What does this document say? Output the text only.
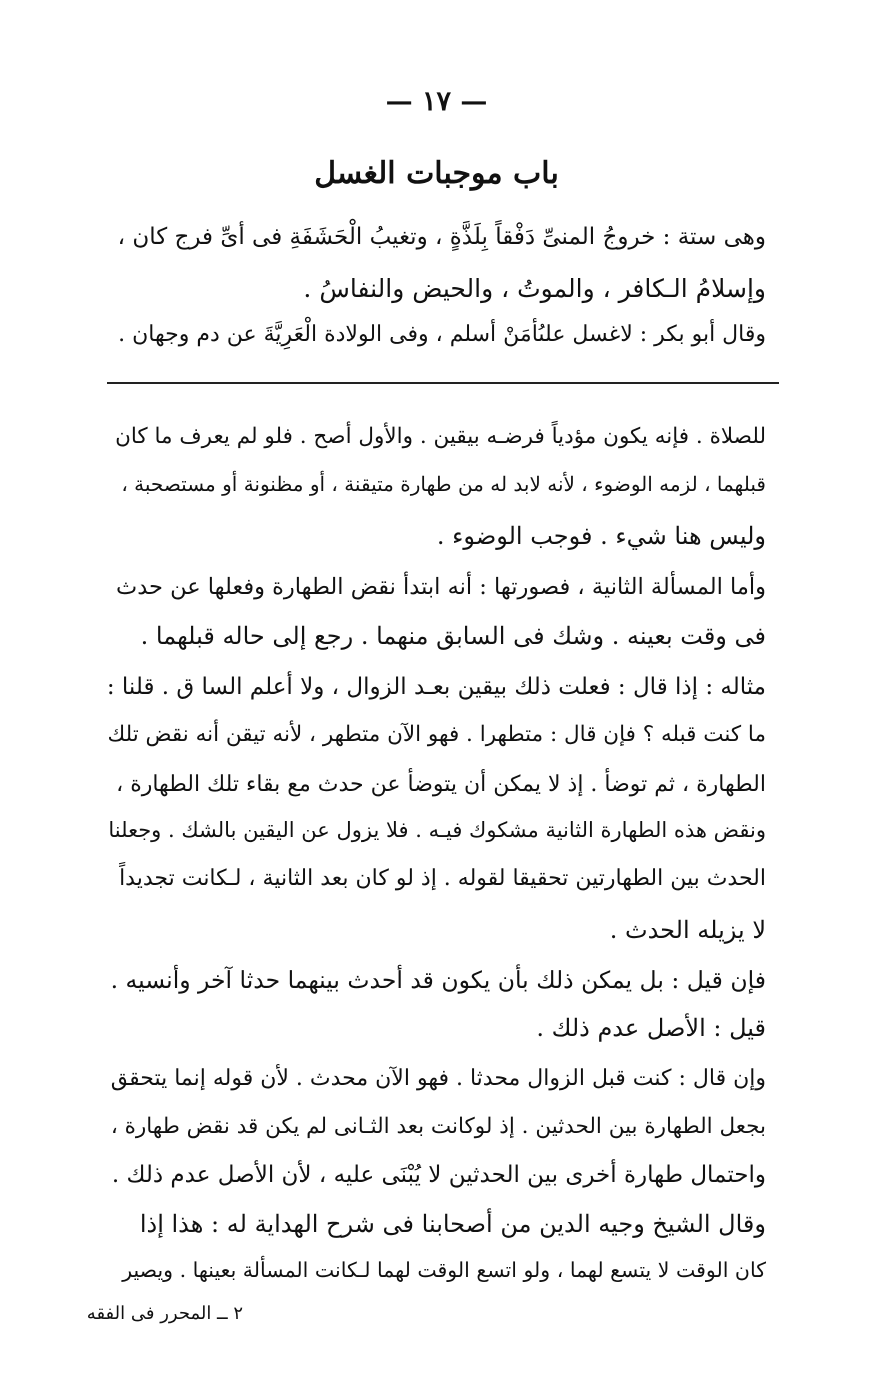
— ١٧ —
باب موجبات الغسل
وهى ستة : خروجُ المنىِّ دَفْقاً بِلَذَّةٍ ، وتغيبُ الْحَشَفَةِ فى أىِّ فرج كان ،
وإسلامُ الـكافر ، والموتُ ، والحيض والنفاسُ .
وقال أبو بكر : لاغسل علىُأمَنْ أسلم ، وفى الولادة الْعَرِيَّةَ عن دم وجهان .
للصلاة . فإنه يكون مؤدياً فرضـه بيقين . والأول أصح . فلو لم يعرف ما كان
قبلهما ، لزمه الوضوء ، لأنه لابد له من طهارة متيقنة ، أو مظنونة أو مستصحبة ،
وليس هنا شيء . فوجب الوضوء .
وأما المسألة الثانية ، فصورتها : أنه ابتدأ نقض الطهارة وفعلها عن حدث
فى وقت بعينه . وشك فى السابق منهما . رجع إلى حاله قبلهما .
مثاله : إذا قال : فعلت ذلك بيقين بعـد الزوال ، ولا أعلم السا ق . قلنا :
ما كنت قبله ؟ فإن قال : متطهرا . فهو الآن متطهر ، لأنه تيقن أنه نقض تلك
الطهارة ، ثم توضأ . إذ لا يمكن أن يتوضأ عن حدث مع بقاء تلك الطهارة ،
ونقض هذه الطهارة الثانية مشكوك فيـه . فلا يزول عن اليقين بالشك . وجعلنا
الحدث بين الطهارتين تحقيقا لقوله . إذ لو كان بعد الثانية ، لـكانت تجديداً
لا يزيله الحدث .
فإن قيل : بل يمكن ذلك بأن يكون قد أحدث بينهما حدثا آخر وأنسيه .
قيل : الأصل عدم ذلك .
وإن قال : كنت قبل الزوال محدثا . فهو الآن محدث . لأن قوله إنما يتحقق
بجعل الطهارة بين الحدثين . إذ لوكانت بعد الثـانى لم يكن قد نقض طهارة ،
واحتمال طهارة أخرى بين الحدثين لا يُبْنَى عليه ، لأن الأصل عدم ذلك .
وقال الشيخ وجيه الدين من أصحابنا فى شرح الهداية له : هذا إذا
كان الوقت لا يتسع لهما ، ولو اتسع الوقت لهما لـكانت المسألة بعينها . ويصير
٢ ــ المحرر فى الفقه
